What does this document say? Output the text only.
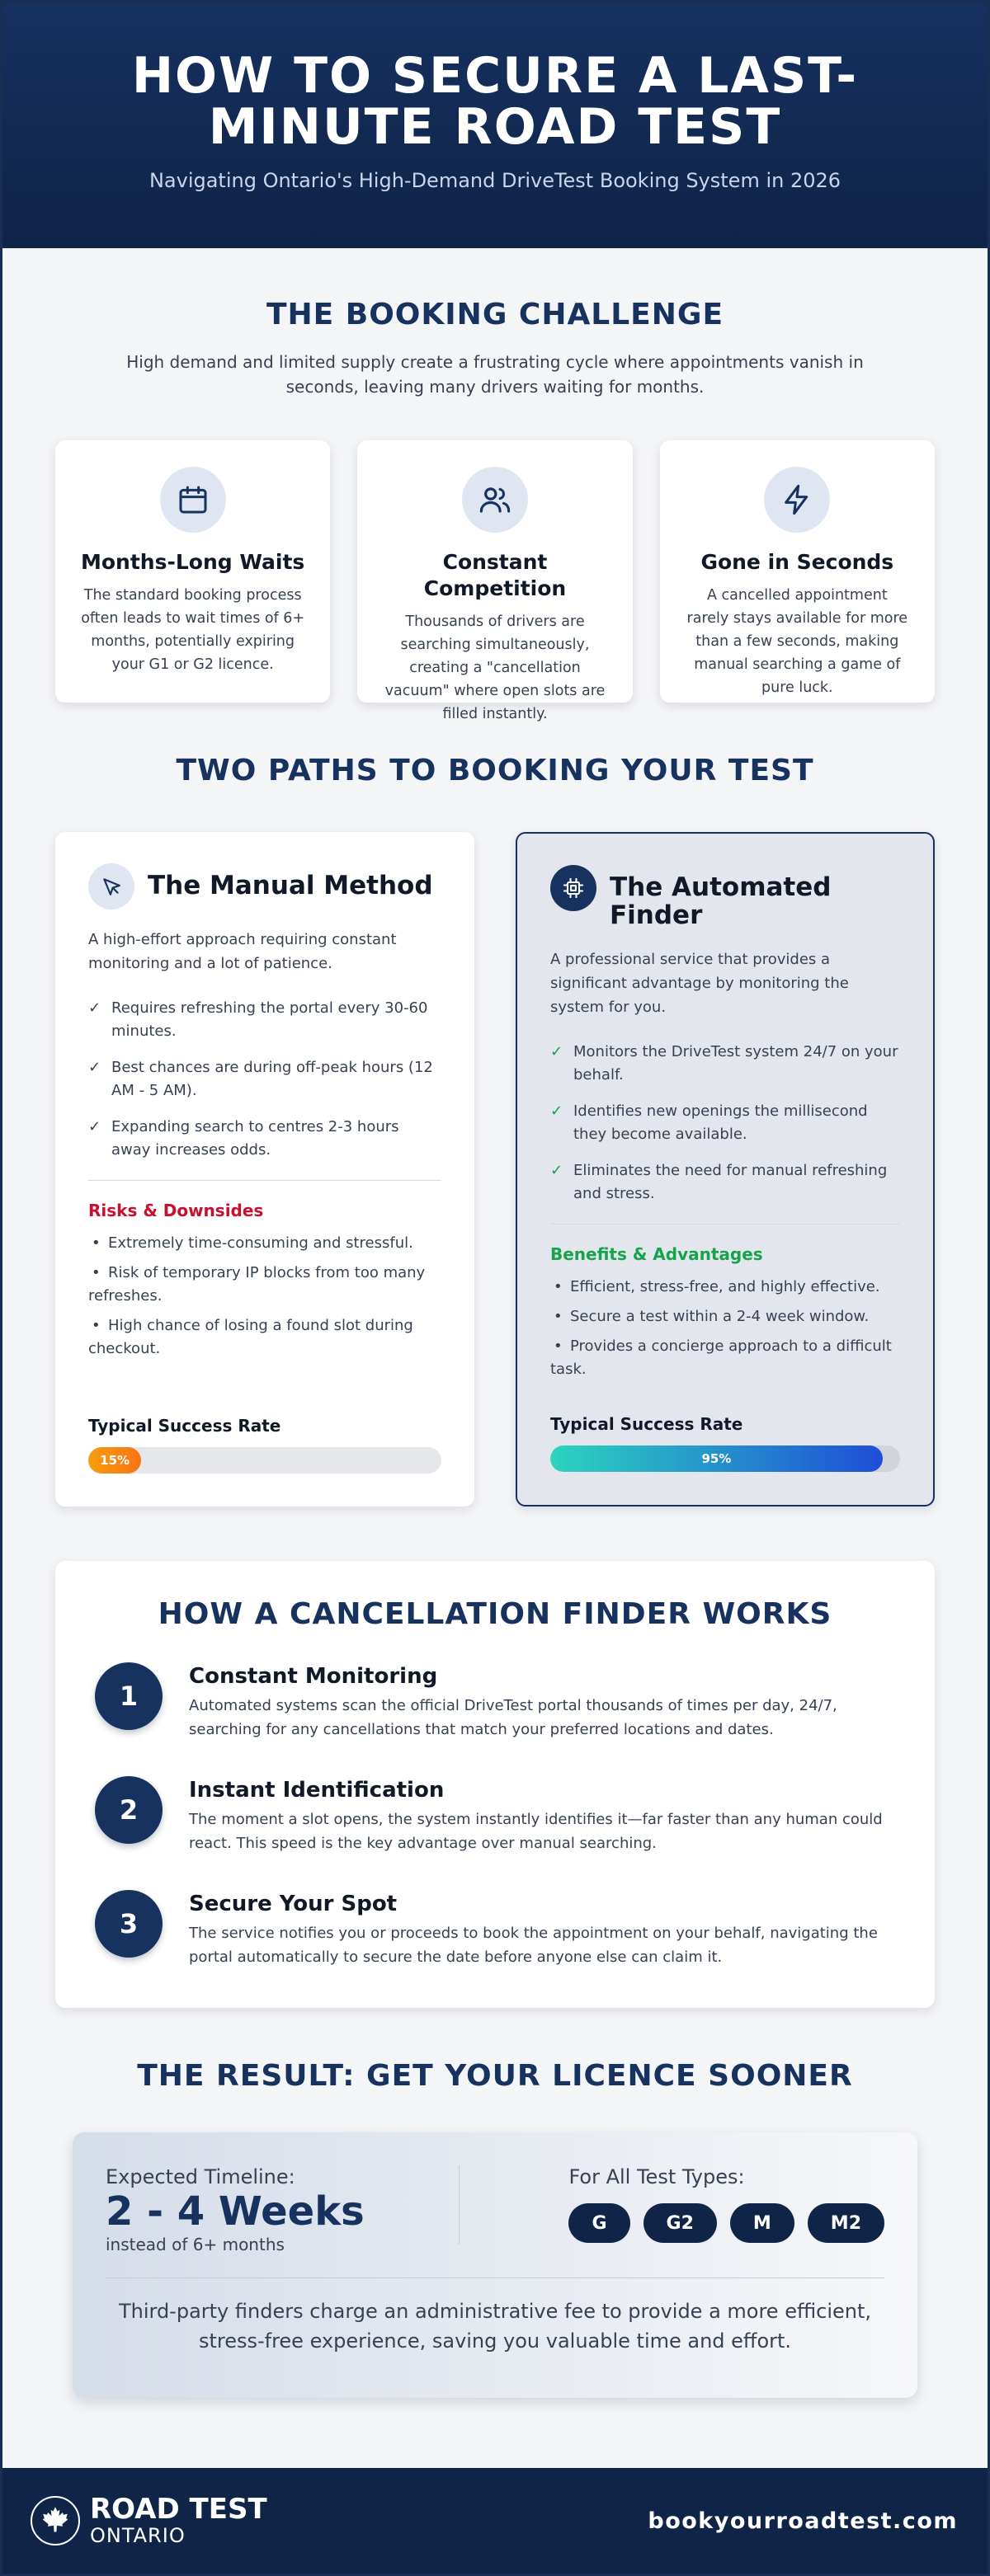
HOW TO SECURE A LAST-MINUTE ROAD TEST

Navigating Ontario's High-Demand DriveTest Booking System in 2026

THE BOOKING CHALLENGE

High demand and limited supply create a frustrating cycle where appointments vanish in seconds, leaving many drivers waiting for months.

Months-Long Waits

The standard booking process often leads to wait times of 6+ months, potentially expiring your G1 or G2 licence.

Constant Competition

Thousands of drivers are searching simultaneously, creating a "cancellation vacuum" where open slots are filled instantly.

Gone in Seconds

A cancelled appointment rarely stays available for more than a few seconds, making manual searching a game of pure luck.

TWO PATHS TO BOOKING YOUR TEST
The Manual Method

A high-effort approach requiring constant monitoring and a lot of patience.

✓ Requires refreshing the portal every 30-60 minutes.
✓ Best chances are during off-peak hours (12 AM - 5 AM).
✓ Expanding search to centres 2-3 hours away increases odds.
Risks & Downsides
• Extremely time-consuming and stressful.
• Risk of temporary IP blocks from too many refreshes.
• High chance of losing a found slot during checkout.
Typical Success Rate
15%
The Automated Finder

A professional service that provides a significant advantage by monitoring the system for you.

✓ Monitors the DriveTest system 24/7 on your behalf.
✓ Identifies new openings the millisecond they become available.
✓ Eliminates the need for manual refreshing and stress.
Benefits & Advantages
• Efficient, stress-free, and highly effective.
• Secure a test within a 2-4 week window.
• Provides a concierge approach to a difficult task.
Typical Success Rate
95%
HOW A CANCELLATION FINDER WORKS
1
Constant Monitoring

Automated systems scan the official DriveTest portal thousands of times per day, 24/7, searching for any cancellations that match your preferred locations and dates.

2
Instant Identification

The moment a slot opens, the system instantly identifies it—far faster than any human could react. This speed is the key advantage over manual searching.

3
Secure Your Spot

The service notifies you or proceeds to book the appointment on your behalf, navigating the portal automatically to secure the date before anyone else can claim it.

THE RESULT: GET YOUR LICENCE SOONER
Expected Timeline:
2 - 4 Weeks
instead of 6+ months
For All Test Types:
G	G2	M	M2

Third-party finders charge an administrative fee to provide a more efficient, stress-free experience, saving you valuable time and effort.

ROAD TEST
ONTARIO
bookyourroadtest.com
